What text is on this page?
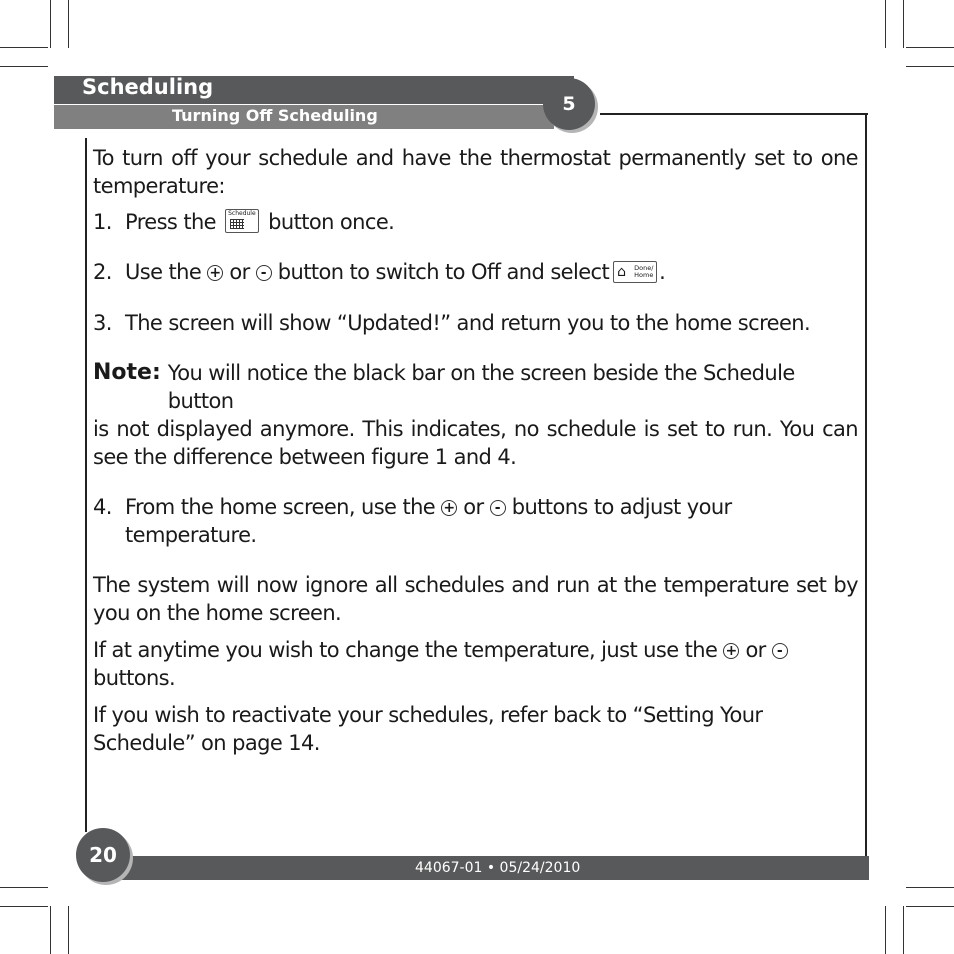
Scheduling
Turning Off Scheduling
5

To turn off your schedule and have the thermostat permanently set to one temperature:

1. Press the Schedule button once.
2. Use the + or - button to switch to Off and select ⌂ Done/ Home .
3. The screen will show “Updated!” and return you to the home screen.
Note: You will notice the black bar on the screen beside the Schedule button

is not displayed anymore. This indicates, no schedule is set to run. You can see the difference between figure 1 and 4.

4. From the home screen, use the + or - buttons to adjust your temperature.

The system will now ignore all schedules and run at the temperature set by you on the home screen.

If at anytime you wish to change the temperature, just use the + or - buttons.

If you wish to reactivate your schedules, refer back to “Setting Your Schedule” on page 14.

44067-01 • 05/24/2010
20
